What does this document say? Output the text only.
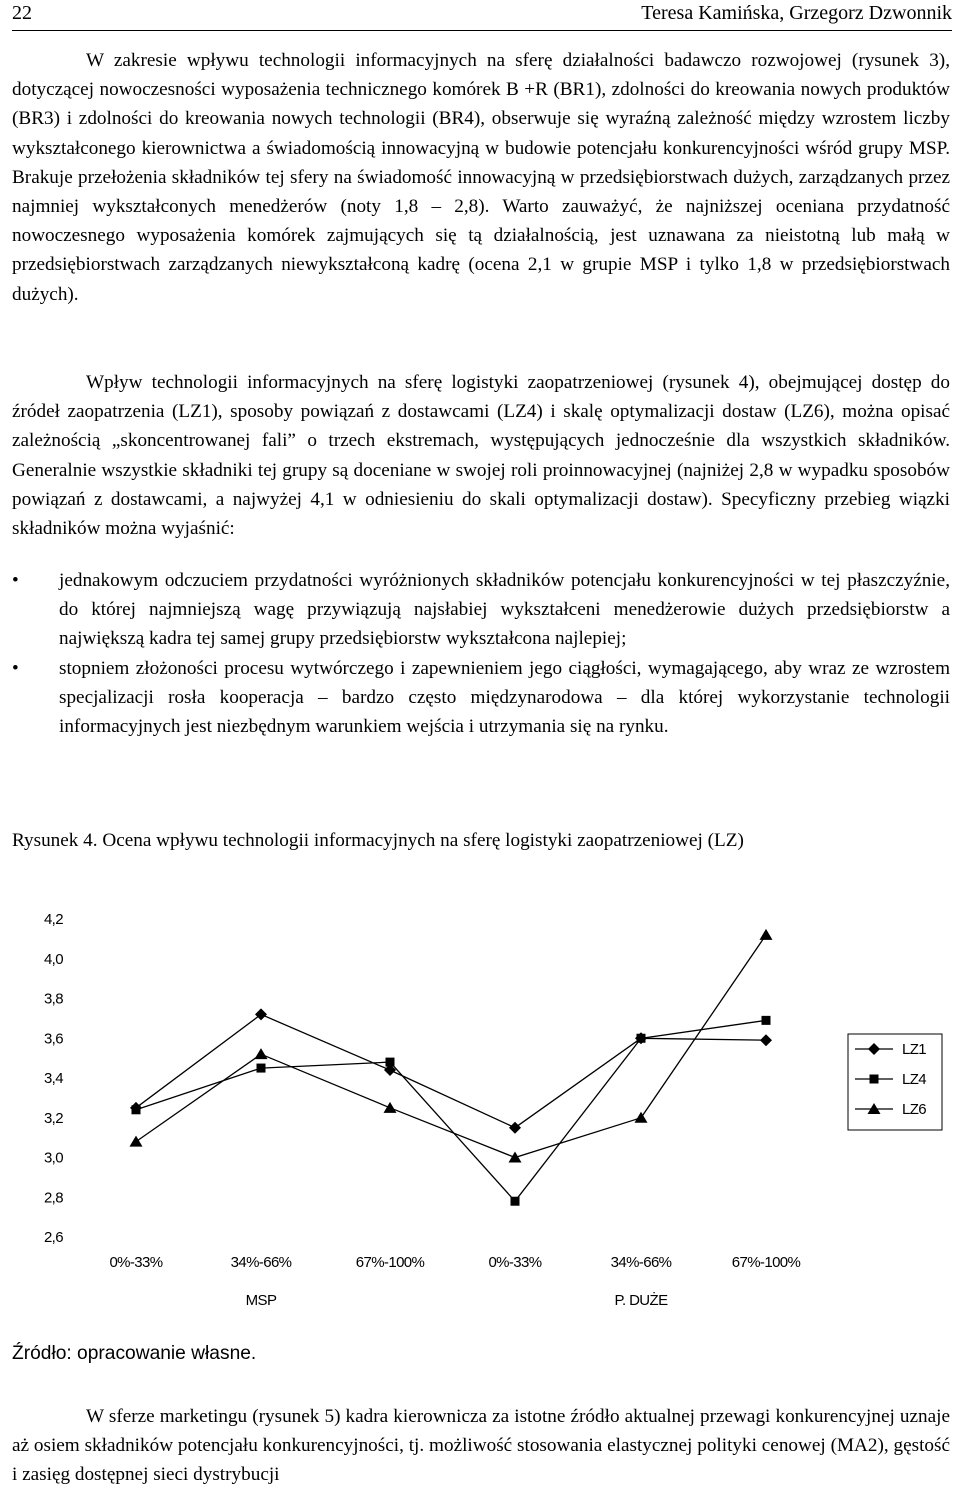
22	Teresa Kamińska, Grzegorz Dzwonnik

W zakresie wpływu technologii informacyjnych na sferę działalności badawczo rozwojowej (rysunek 3), dotyczącej nowoczesności wyposażenia technicznego komórek B +R (BR1), zdolności do kreowania nowych produktów (BR3) i zdolności do kreowania nowych technologii (BR4), obserwuje się wyraźną zależność między wzrostem liczby wykształconego kierownictwa a świadomością innowacyjną w budowie potencjału konkurencyjności wśród grupy MSP. Brakuje przełożenia składników tej sfery na świadomość innowacyjną w przedsiębiorstwach dużych, zarządzanych przez najmniej wykształconych menedżerów (noty 1,8 – 2,8). Warto zauważyć, że najniższej oceniana przydatność nowoczesnego wyposażenia komórek zajmujących się tą działalnością, jest uznawana za nieistotną lub małą w przedsiębiorstwach zarządzanych niewykształconą kadrę (ocena 2,1 w grupie MSP i tylko 1,8 w przedsiębiorstwach dużych).

Wpływ technologii informacyjnych na sferę logistyki zaopatrzeniowej (rysunek 4), obejmującej dostęp do źródeł zaopatrzenia (LZ1), sposoby powiązań z dostawcami (LZ4) i skalę optymalizacji dostaw (LZ6), można opisać zależnością „skoncentrowanej fali” o trzech ekstremach, występujących jednocześnie dla wszystkich składników. Generalnie wszystkie składniki tej grupy są doceniane w swojej roli proinnowacyjnej (najniżej 2,8 w wypadku sposobów powiązań z dostawcami, a najwyżej 4,1 w odniesieniu do skali optymalizacji dostaw). Specyficzny przebieg wiązki składników można wyjaśnić:

• jednakowym odczuciem przydatności wyróżnionych składników potencjału konkurencyjności w tej płaszczyźnie, do której najmniejszą wagę przywiązują najsłabiej wykształceni menedżerowie dużych przedsiębiorstw a największą kadra tej samej grupy przedsiębiorstw wykształcona najlepiej;
• stopniem złożoności procesu wytwórczego i zapewnieniem jego ciągłości, wymagającego, aby wraz ze wzrostem specjalizacji rosła kooperacja – bardzo często międzynarodowa – dla której wykorzystanie technologii informacyjnych jest niezbędnym warunkiem wejścia i utrzymania się na rynku.

Rysunek 4. Ocena wpływu technologii informacyjnych na sferę logistyki zaopatrzeniowej (LZ)

4,2
4,0
3,8
3,6
3,4
3,2
3,0
2,8
2,6
0%-33%	34%-66%	67%-100%	0%-33%	34%-66%	67%-100%
MSP	P. DUŻE
LZ1
LZ4
LZ6
Źródło: opracowanie własne.

W sferze marketingu (rysunek 5) kadra kierownicza za istotne źródło aktualnej przewagi konkurencyjnej uznaje aż osiem składników potencjału konkurencyjności, tj. możliwość stosowania elastycznej polityki cenowej (MA2), gęstość i zasięg dostępnej sieci dystrybucji
